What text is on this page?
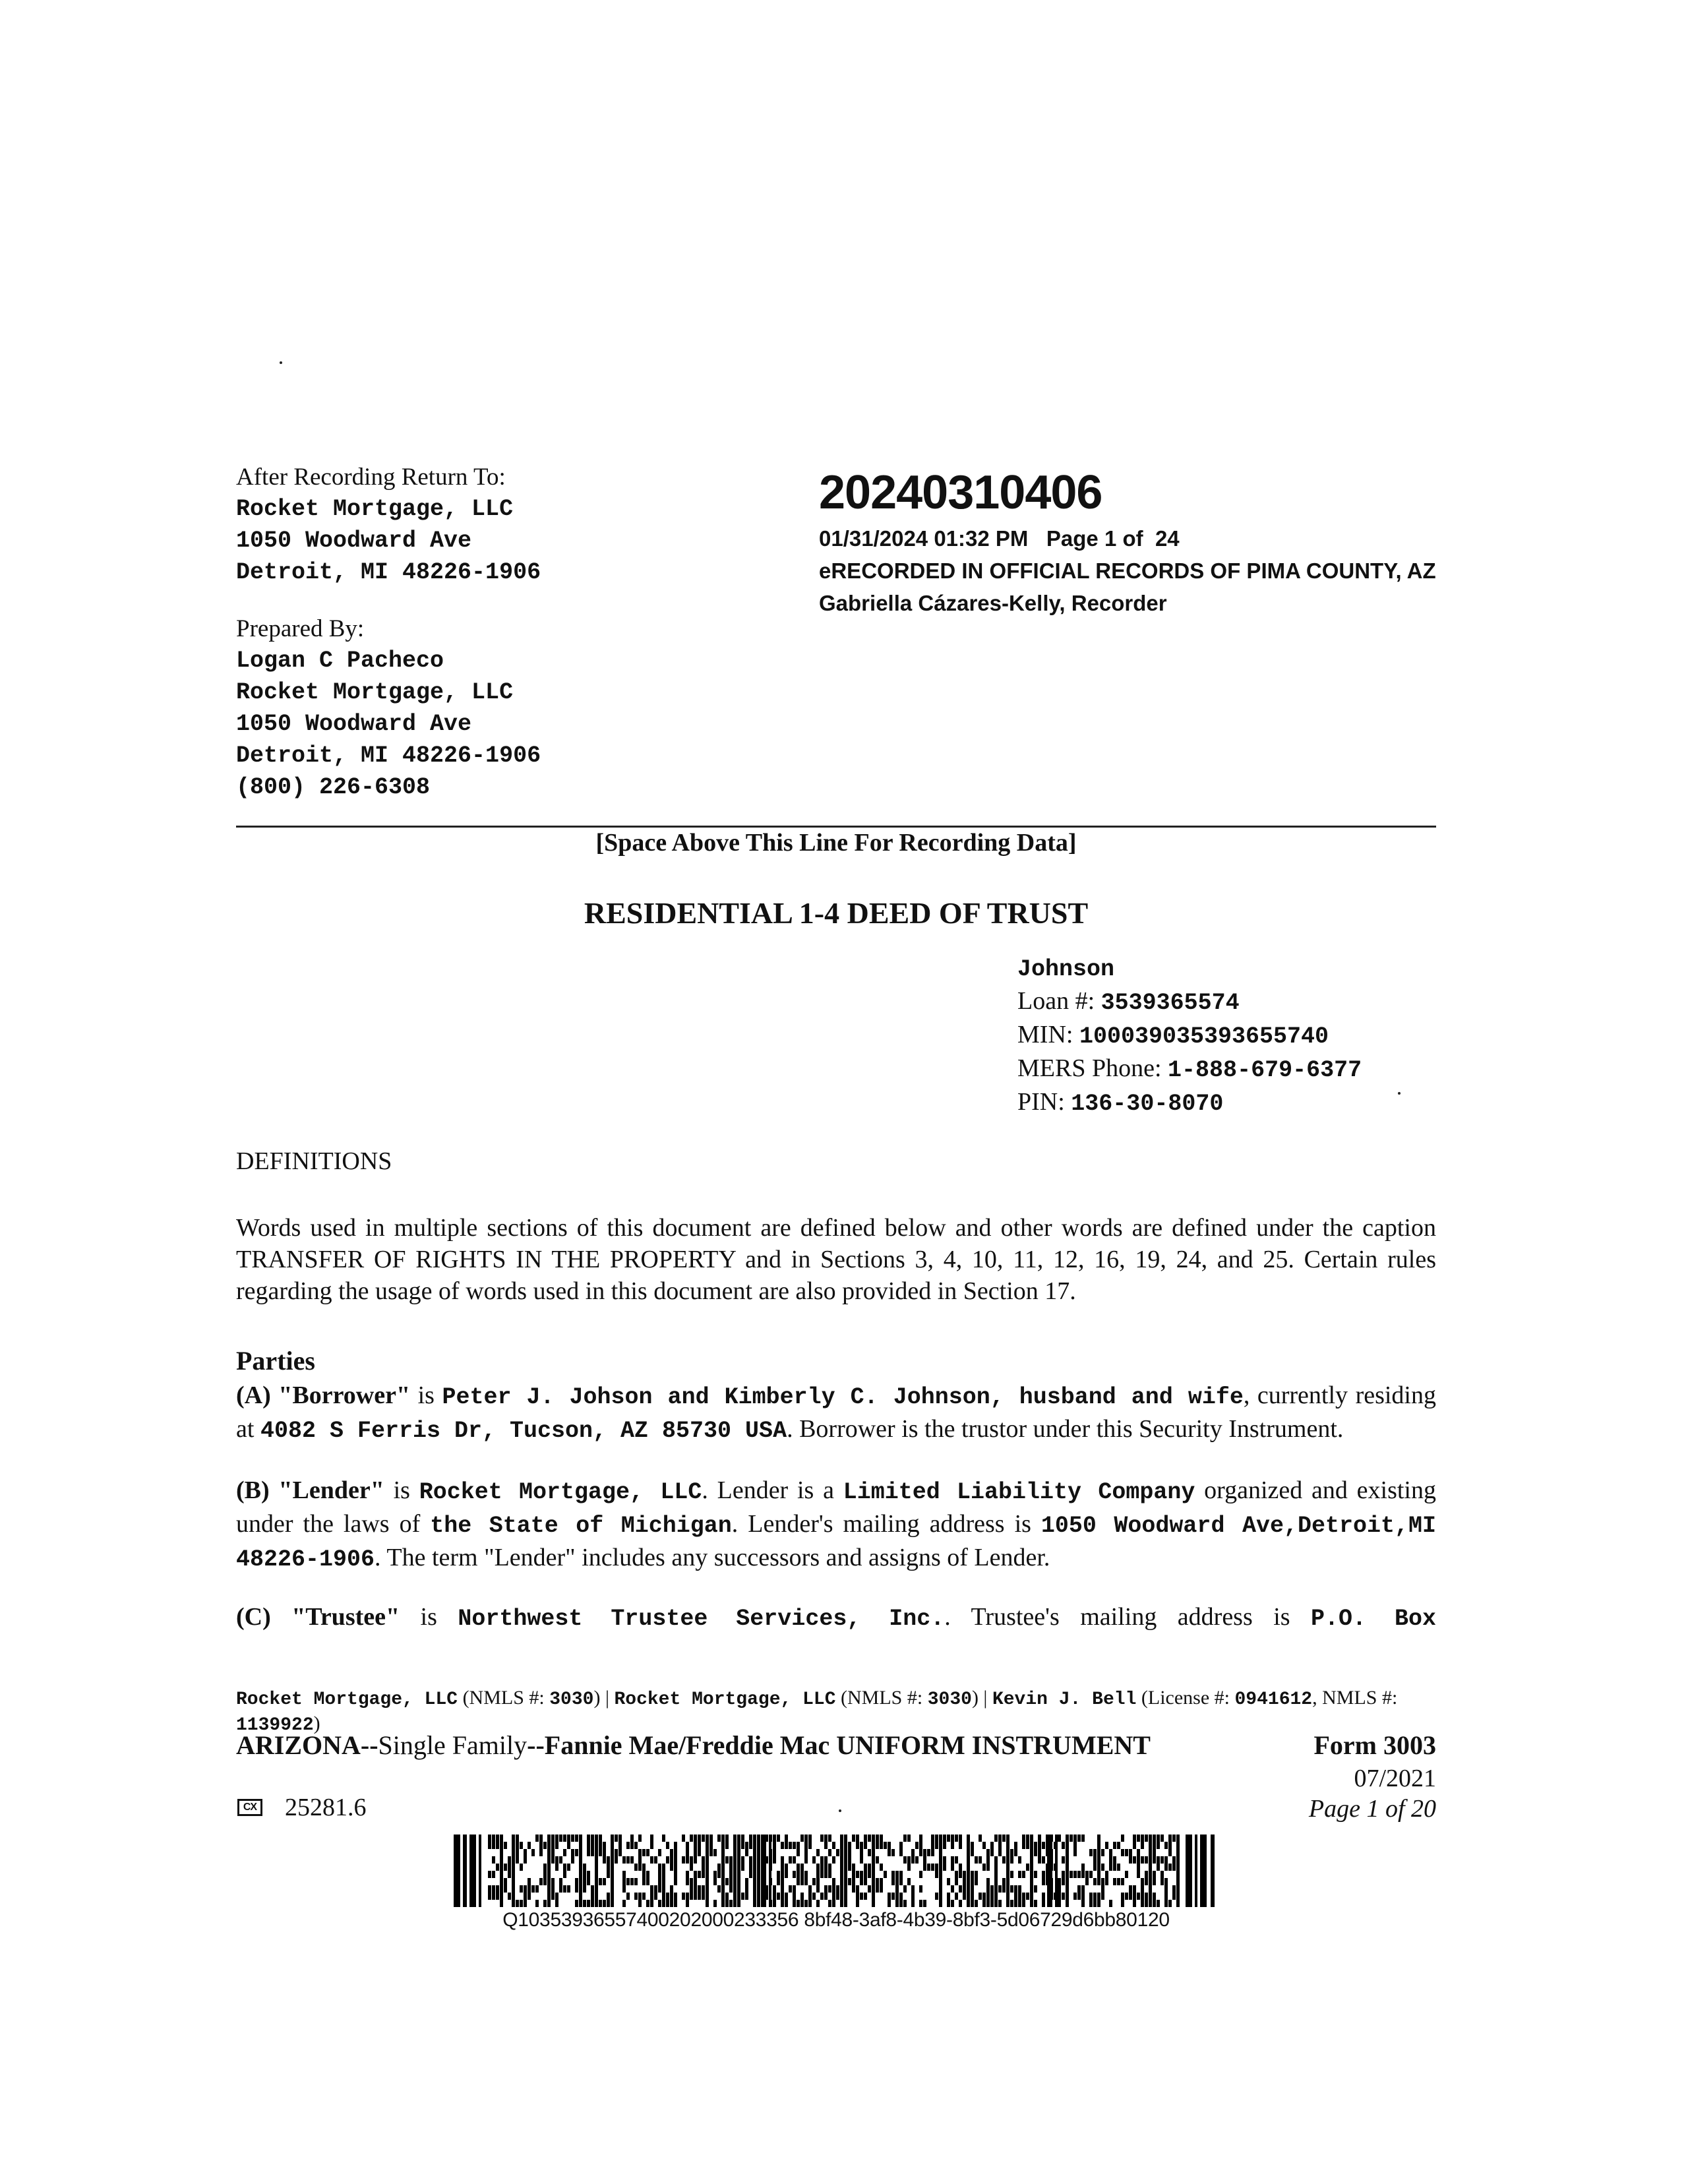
After Recording Return To:
Rocket Mortgage, LLC
1050 Woodward Ave
Detroit, MI 48226-1906
Prepared By:
Logan C Pacheco
Rocket Mortgage, LLC
1050 Woodward Ave
Detroit, MI 48226-1906
(800) 226-6308
20240310406
01/31/2024 01:32 PM   Page 1 of  24
eRECORDED IN OFFICIAL RECORDS OF PIMA COUNTY, AZ
Gabriella Cázares-Kelly, Recorder
[Space Above This Line For Recording Data]
RESIDENTIAL 1-4 DEED OF TRUST
Johnson
Loan #: 3539365574
MIN: 100039035393655740
MERS Phone: 1-888-679-6377
PIN: 136-30-8070
DEFINITIONS
Words used in multiple sections of this document are defined below and other words are defined under the caption TRANSFER OF RIGHTS IN THE PROPERTY and in Sections 3, 4, 10, 11, 12, 16, 19, 24, and 25. Certain rules regarding the usage of words used in this document are also provided in Section 17.
Parties
(A) "Borrower" is Peter J. Johson and Kimberly C. Johnson, husband and wife, currently residing at 4082 S Ferris Dr, Tucson, AZ 85730 USA. Borrower is the trustor under this Security Instrument.
(B) "Lender" is Rocket Mortgage, LLC. Lender is a Limited Liability Company organized and existing under the laws of the State of Michigan. Lender's mailing address is 1050 Woodward Ave,Detroit,MI 48226-1906. The term "Lender" includes any successors and assigns of Lender.
(C) "Trustee" is Northwest Trustee Services, Inc.. Trustee's mailing address is P.O. Box
Rocket Mortgage, LLC (NMLS #: 3030) | Rocket Mortgage, LLC (NMLS #: 3030) | Kevin J. Bell (License #: 0941612, NMLS #: 1139922)
ARIZONA--Single Family--Fannie Mae/Freddie Mac UNIFORM INSTRUMENT	Form 3003
07/2021
Page 1 of 20
CX 25281.6
Q10353936557400202000233356 8bf48-3af8-4b39-8bf3-5d06729d6bb80120
